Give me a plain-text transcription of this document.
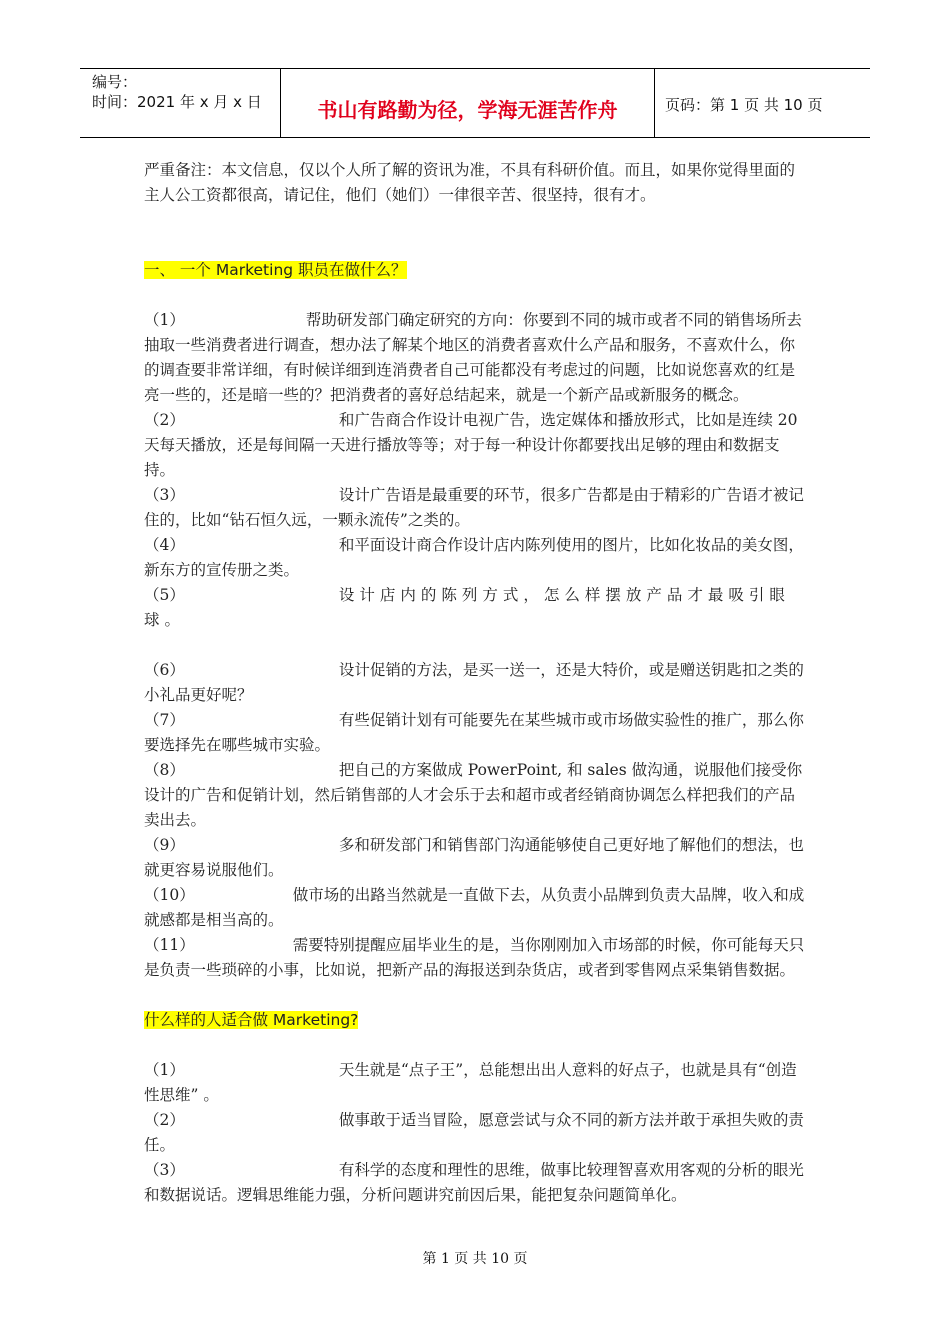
编号：
时间：2021 年 x 月 x 日	书山有路勤为径，学海无涯苦作舟	页码：第 1 页 共 10 页

严重备注：本文信息，仅以个人所了解的资讯为准，不具有科研价值。而且，如果你觉得里面的主人公工资都很高，请记住，他们（她们）一律很辛苦、很坚持，很有才。

一、 一个 Marketing 职员在做什么？

（1）	帮助研发部门确定研究的方向：你要到不同的城市或者不同的销售场所去抽取一些消费者进行调查，想办法了解某个地区的消费者喜欢什么产品和服务，不喜欢什么，你的调查要非常详细，有时候详细到连消费者自己可能都没有考虑过的问题，比如说您喜欢的红是亮一些的，还是暗一些的？把消费者的喜好总结起来，就是一个新产品或新服务的概念。

（2）	和广告商合作设计电视广告，选定媒体和播放形式，比如是连续 20 天每天播放，还是每间隔一天进行播放等等；对于每一种设计你都要找出足够的理由和数据支持。

（3）	设计广告语是最重要的环节，很多广告都是由于精彩的广告语才被记住的，比如“钻石恒久远，一颗永流传”之类的。

（4）	和平面设计商合作设计店内陈列使用的图片，比如化妆品的美女图，新东方的宣传册之类。

（5）	设计店内的陈列方式，怎么样摆放产品才最吸引眼球。

（6）	设计促销的方法，是买一送一，还是大特价，或是赠送钥匙扣之类的小礼品更好呢？

（7）	有些促销计划有可能要先在某些城市或市场做实验性的推广，那么你要选择先在哪些城市实验。

（8）	把自己的方案做成 PowerPoint, 和 sales 做沟通，说服他们接受你设计的广告和促销计划，然后销售部的人才会乐于去和超市或者经销商协调怎么样把我们的产品卖出去。

（9）	多和研发部门和销售部门沟通能够使自己更好地了解他们的想法，也就更容易说服他们。

（10）	做市场的出路当然就是一直做下去，从负责小品牌到负责大品牌，收入和成就感都是相当高的。

（11）	需要特别提醒应届毕业生的是，当你刚刚加入市场部的时候，你可能每天只是负责一些琐碎的小事，比如说，把新产品的海报送到杂货店，或者到零售网点采集销售数据。

什么样的人适合做 Marketing?

（1）	天生就是“点子王”，总能想出出人意料的好点子，也就是具有“创造性思维” 。

（2）	做事敢于适当冒险，愿意尝试与众不同的新方法并敢于承担失败的责任。

（3）	有科学的态度和理性的思维，做事比较理智喜欢用客观的分析的眼光和数据说话。逻辑思维能力强，分析问题讲究前因后果，能把复杂问题简单化。

第 1 页 共 10 页
